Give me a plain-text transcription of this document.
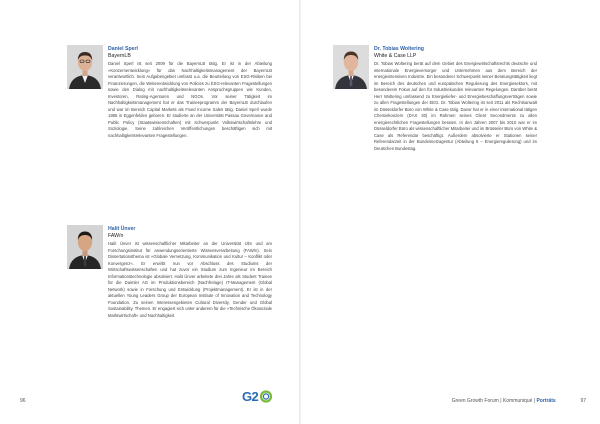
Daniel Sperl
BayernLB

Daniel Sperl ist seit 2009 für die BayernLB tätig. Er ist in der Abteilung »Konzernentwicklung« für das Nachhaltigkeitsmanagement der BayernLB verantwortlich. Sein Aufgabengebiet umfasst u.a. die Beurteilung von ESG-Risiken bei Finanzierungen, die Weiterentwicklung von Policies zu ESG-relevanten Fragestellungen sowie den Dialog mit nachhaltigkeitsrelevanten Anspruchsgruppen wie Kunden, Investoren, Rating-Agenturen und NGOs. Vor seiner Tätigkeit im Nachhaltigkeitsmanagement hat er das Traineeprogramm der BayernLB durchlaufen und war im Bereich Capital Markets als Fixed Income Sales tätig. Daniel Sperl wurde 1985 in Eggenfelden geboren. Er studierte an der Universität Passau Governance and Public Policy (Staatswissenschaften) mit Schwerpunkt Volkswirtschaftslehre und Soziologie. Seine zahlreichen Veröffentlichungen beschäftigen sich mit nachhaltigkeitsrelevanten Fragestellungen.

Dr. Tobias Woltering
White & Case LLP

Dr. Tobias Woltering berät auf dem Gebiet des Energiewirtschaftsrechts deutsche und internationale Energieversorger und Unternehmen aus dem Bereich der energieintensiven Industrie. Ein besonderer Schwerpunkt seiner Beratungstätigkeit liegt im Bereich des deutschen und europäischen Regulierung des Energiesektors, mit besonderem Fokus auf den für Industriekunden relevanten Regelungen. Darüber berät Herr Woltering umfassend zu Energieliefer- und Energiebeschaffungsverträgen sowie zu allen Fragestellungen der EEG. Dr. Tobias Woltering ist seit 2011 als Rechtsanwalt im Düsseldorfer Büro von White & Case tätig. Davor hat er in einer international tätigen Chemiekonzern (DAX 30) im Rahmen seines Client Secondments zu allen energierechtlichen Fragestellungen beraten. In den Jahren 2007 bis 2010 war er im Düsseldorfer Büro als wissenschaftlicher Mitarbeiter und im Brüsseler Büro von White & Case als Referendar beschäftigt. Außerdem absolvierte er Stationen seiner Referendarzeit in der Bundesnetzagentur (Abteilung 6 – Energieregulierung) und im Deutschen Bundestag.

Halit Ünver
FAW/n

Halit Ünver ist wissenschaftlicher Mitarbeiter an der Universität Ulm und am Forschungsinstitut für anwendungsorientierte Wissensverarbeitung (FAW/n). Sein Dissertationsthema ist »Globale Vernetzung, Kommunikation und Kultur – Konflikt oder Konvergenz«. Er erwirbt nun vor Abschluss des Studiums der Wirtschaftswissenschaften und hat zuvor ein Studium zum Ingenieur im Bereich Informationstechnologie absolviert. Halit Ünver arbeitete drei Jahre als Student Trainee für die Daimler AG im Produktionsbereich (Nachfrelage) IT-Management (Global Network) sowie in Forschung und Entwicklung (Projektmanagement). Er ist in der aktuellen Young Leaders Group der European Institute of Innovation and Technology Foundation. Zu seinen Interessengebieten Cultural Diversity, Gender und Global Sustainability. Themen. Er engagiert sich unter anderem für die »Technische Ökosoziale Marktwirtschaft« und Nachhaltigkeit.

96	G 2	Green Growth Forum | Kommuniqué | Porträts	97
